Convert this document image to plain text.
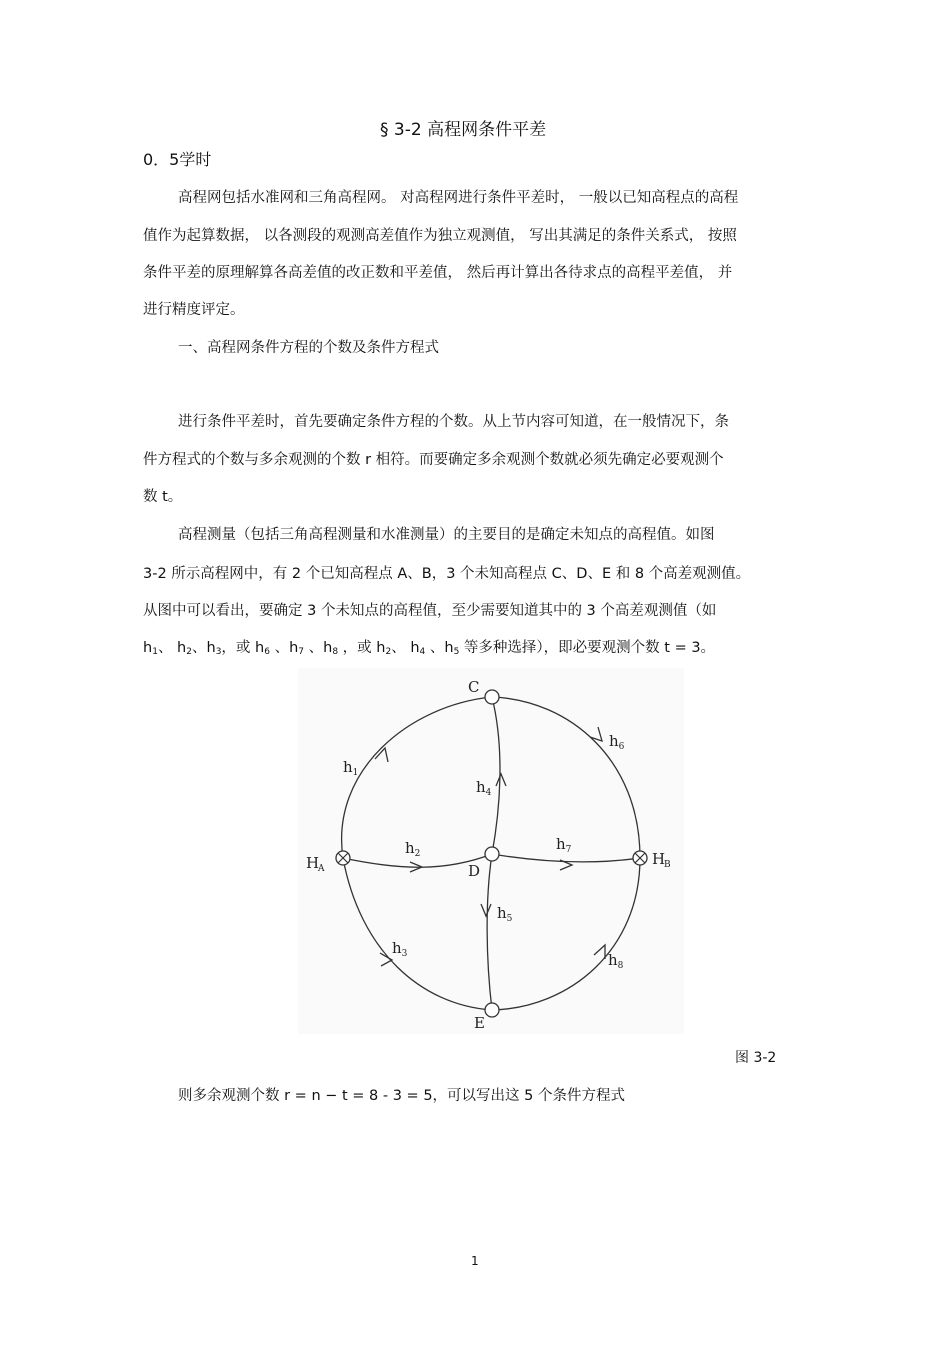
§ 3-2 高程网条件平差
0．5学时
高程网包括水准网和三角高程网。 对高程网进行条件平差时， 一般以已知高程点的高程
值作为起算数据， 以各测段的观测高差值作为独立观测值， 写出其满足的条件关系式， 按照
条件平差的原理解算各高差值的改正数和平差值， 然后再计算出各待求点的高程平差值， 并
进行精度评定。
一、高程网条件方程的个数及条件方程式
进行条件平差时，首先要确定条件方程的个数。从上节内容可知道，在一般情况下，条
件方程式的个数与多余观测的个数 r 相符。而要确定多余观测个数就必须先确定必要观测个
数 t。
高程测量（包括三角高程测量和水准测量）的主要目的是确定未知点的高程值。如图
3-2 所示高程网中，有 2 个已知高程点 A、B，3 个未知高程点 C、D、E 和 8 个高差观测值。
从图中可以看出，要确定 3 个未知点的高程值，至少需要知道其中的 3 个高差观测值（如
$h_1$、 $h_2$、$h_3$，或 $h_6$ 、$h_7$ 、$h_8$ ，或 $h_2$、 $h_4$ 、$h_5$ 等多种选择），即必要观测个数 t = 3。
C
D
E
H
A
H
B
$h_1$
$h_6$
$h_2$
$h_7$
$h_4$
$h_5$
$h_3$	$h_8$
图 3-2
则多余观测个数 r = n − t = 8 - 3 = 5，可以写出这 5 个条件方程式
1
